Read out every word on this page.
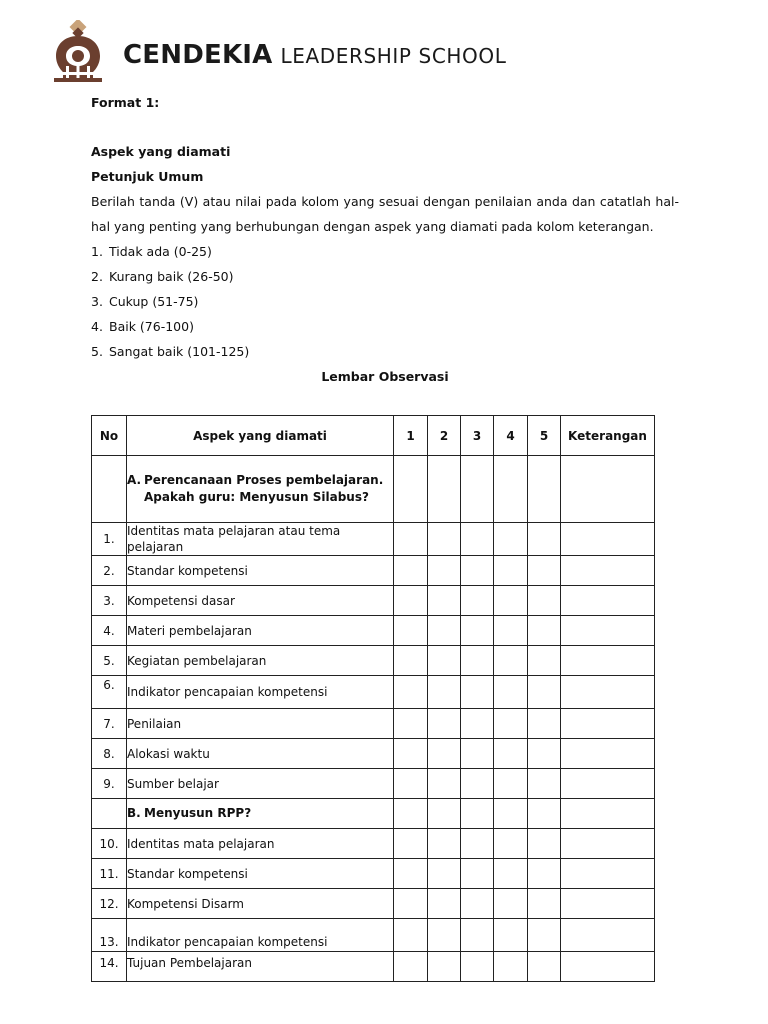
CENDEKIA LEADERSHIP SCHOOL
Format 1:
Aspek yang diamati
Petunjuk Umum
Berilah tanda (V) atau nilai pada kolom yang sesuai dengan penilaian anda dan catatlah hal-hal yang penting yang berhubungan dengan aspek yang diamati pada kolom keterangan.
1. Tidak ada (0-25)
2. Kurang baik (26-50)
3. Cukup (51-75)
4. Baik (76-100)
5. Sangat baik (101-125)
Lembar Observasi
No	Aspek yang diamati	1	2	3	4	5	Keterangan

	A. Perencanaan Proses pembelajaran.
Apakah guru: Menyusun Silabus?						

1.	Identitas mata pelajaran atau tema pelajaran						
2.	Standar kompetensi						
3.	Kompetensi dasar						
4.	Materi pembelajaran						
5.	Kegiatan pembelajaran						
6.	Indikator pencapaian kompetensi						
7.	Penilaian						
8.	Alokasi waktu						
9.	Sumber belajar						
	B. Menyusun RPP?						
10.	Identitas mata pelajaran						
11.	Standar kompetensi						
12.	Kompetensi Disarm						
13.	Indikator pencapaian kompetensi						
14.	Tujuan Pembelajaran						
